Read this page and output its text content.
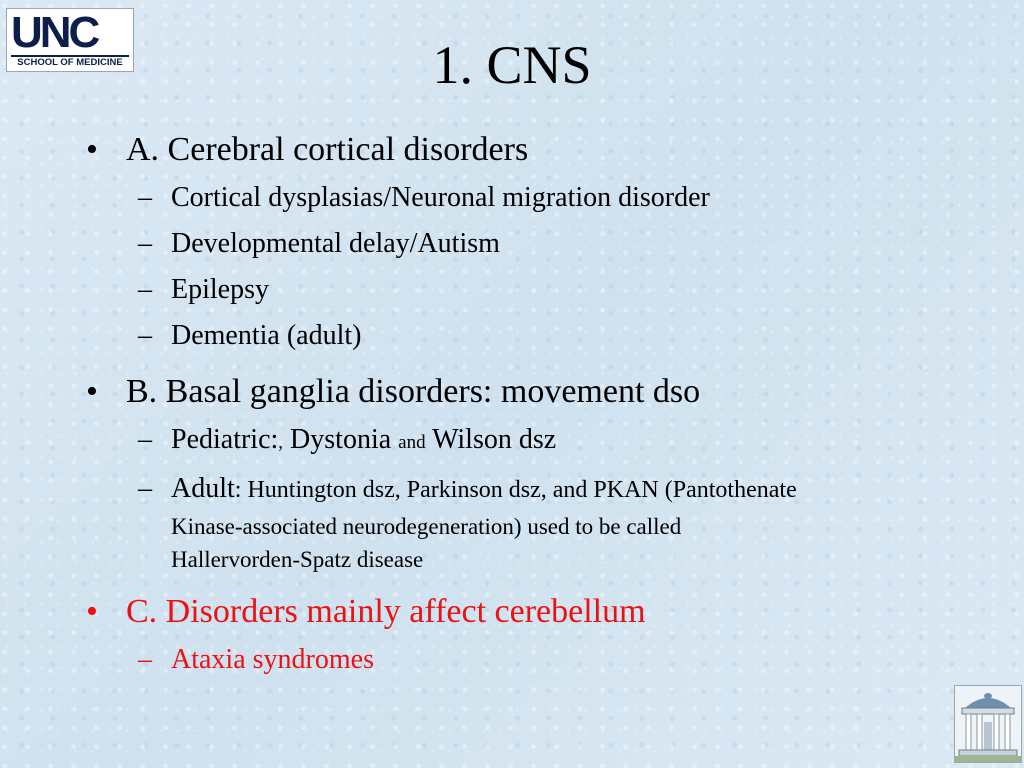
UNC
SCHOOL OF MEDICINE	1. CNS
• A. Cerebral cortical disorders
– Cortical dysplasias/Neuronal migration disorder
– Developmental delay/Autism
– Epilepsy
– Dementia (adult)
• B. Basal ganglia disorders: movement dso
– Pediatric:, Dystonia and Wilson dsz
– Adult: Huntington dsz, Parkinson dsz, and PKAN (Pantothenate
Kinase-associated neurodegeneration) used to be called
Hallervorden-Spatz disease
• C. Disorders mainly affect cerebellum
– Ataxia syndromes
